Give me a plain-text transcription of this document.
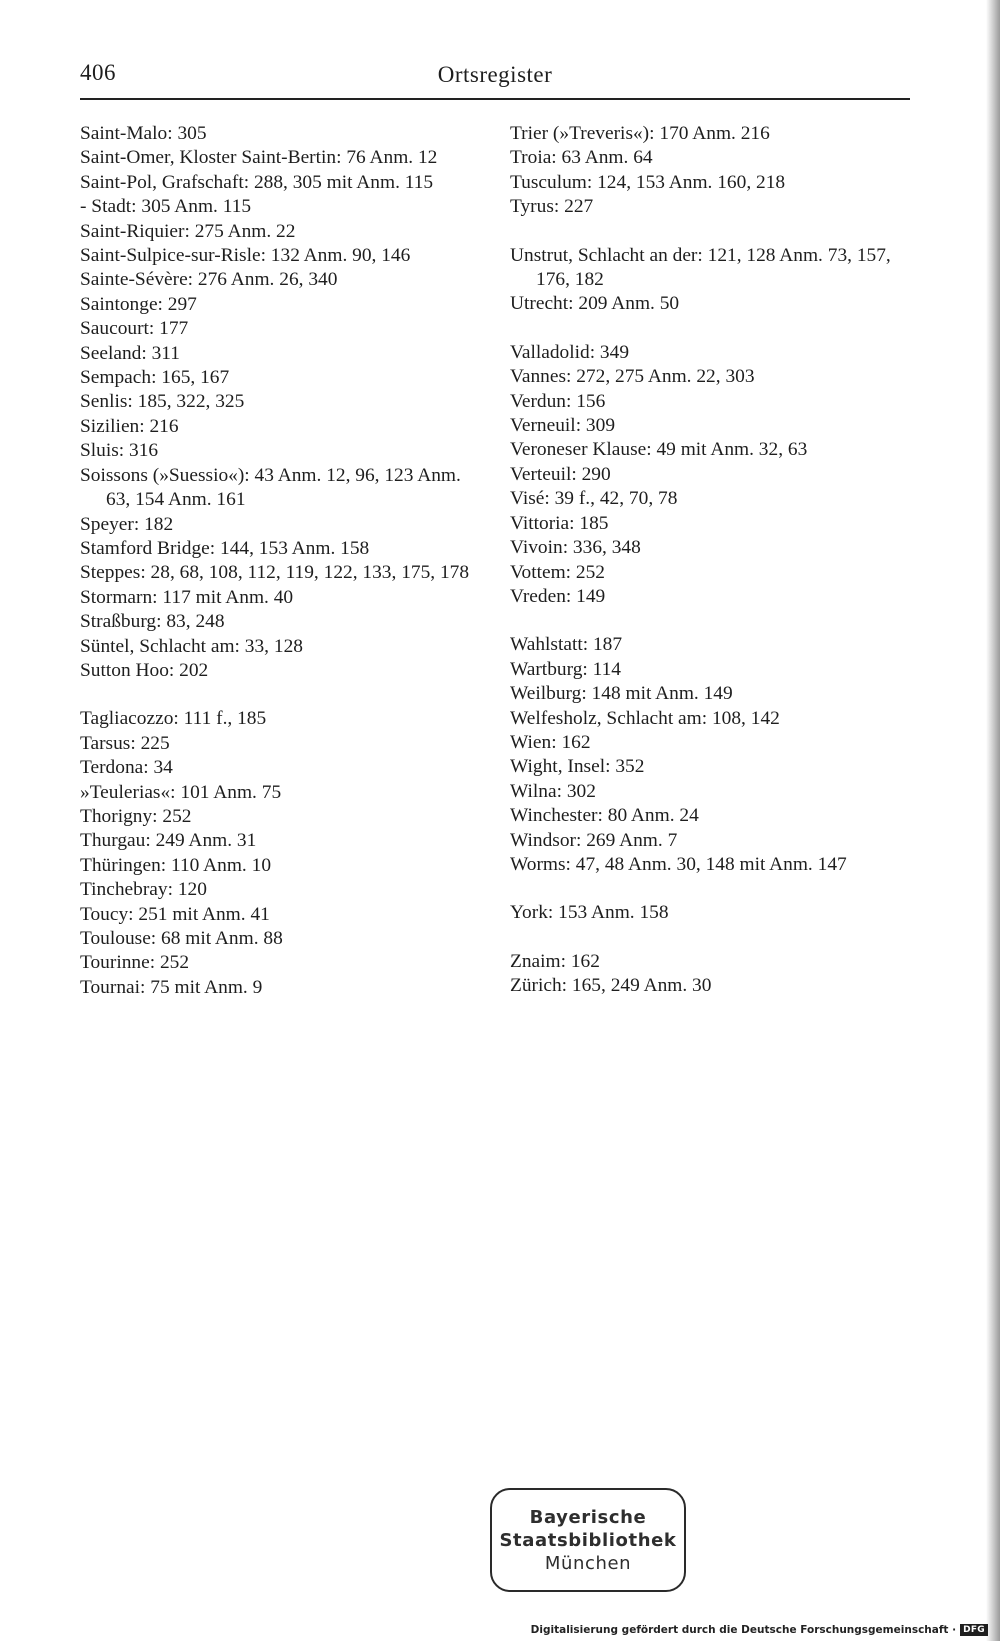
406	Ortsregister
Saint-Malo: 305
Saint-Omer, Kloster Saint-Bertin: 76 Anm. 12
Saint-Pol, Grafschaft: 288, 305 mit Anm. 115
- Stadt: 305 Anm. 115
Saint-Riquier: 275 Anm. 22
Saint-Sulpice-sur-Risle: 132 Anm. 90, 146
Sainte-Sévère: 276 Anm. 26, 340
Saintonge: 297
Saucourt: 177
Seeland: 311
Sempach: 165, 167
Senlis: 185, 322, 325
Sizilien: 216
Sluis: 316
Soissons (»Suessio«): 43 Anm. 12, 96, 123 Anm. 63, 154 Anm. 161
Speyer: 182
Stamford Bridge: 144, 153 Anm. 158
Steppes: 28, 68, 108, 112, 119, 122, 133, 175, 178
Stormarn: 117 mit Anm. 40
Straßburg: 83, 248
Süntel, Schlacht am: 33, 128
Sutton Hoo: 202
Tagliacozzo: 111 f., 185
Tarsus: 225
Terdona: 34
»Teulerias«: 101 Anm. 75
Thorigny: 252
Thurgau: 249 Anm. 31
Thüringen: 110 Anm. 10
Tinchebray: 120
Toucy: 251 mit Anm. 41
Toulouse: 68 mit Anm. 88
Tourinne: 252
Tournai: 75 mit Anm. 9
Trier (»Treveris«): 170 Anm. 216
Troia: 63 Anm. 64
Tusculum: 124, 153 Anm. 160, 218
Tyrus: 227
Unstrut, Schlacht an der: 121, 128 Anm. 73, 157, 176, 182
Utrecht: 209 Anm. 50
Valladolid: 349
Vannes: 272, 275 Anm. 22, 303
Verdun: 156
Verneuil: 309
Veroneser Klause: 49 mit Anm. 32, 63
Verteuil: 290
Visé: 39 f., 42, 70, 78
Vittoria: 185
Vivoin: 336, 348
Vottem: 252
Vreden: 149
Wahlstatt: 187
Wartburg: 114
Weilburg: 148 mit Anm. 149
Welfesholz, Schlacht am: 108, 142
Wien: 162
Wight, Insel: 352
Wilna: 302
Winchester: 80 Anm. 24
Windsor: 269 Anm. 7
Worms: 47, 48 Anm. 30, 148 mit Anm. 147
York: 153 Anm. 158
Znaim: 162
Zürich: 165, 249 Anm. 30
Bayerische
Staatsbibliothek
München
Digitalisierung gefördert durch die Deutsche Forschungsgemeinschaft · DFG
